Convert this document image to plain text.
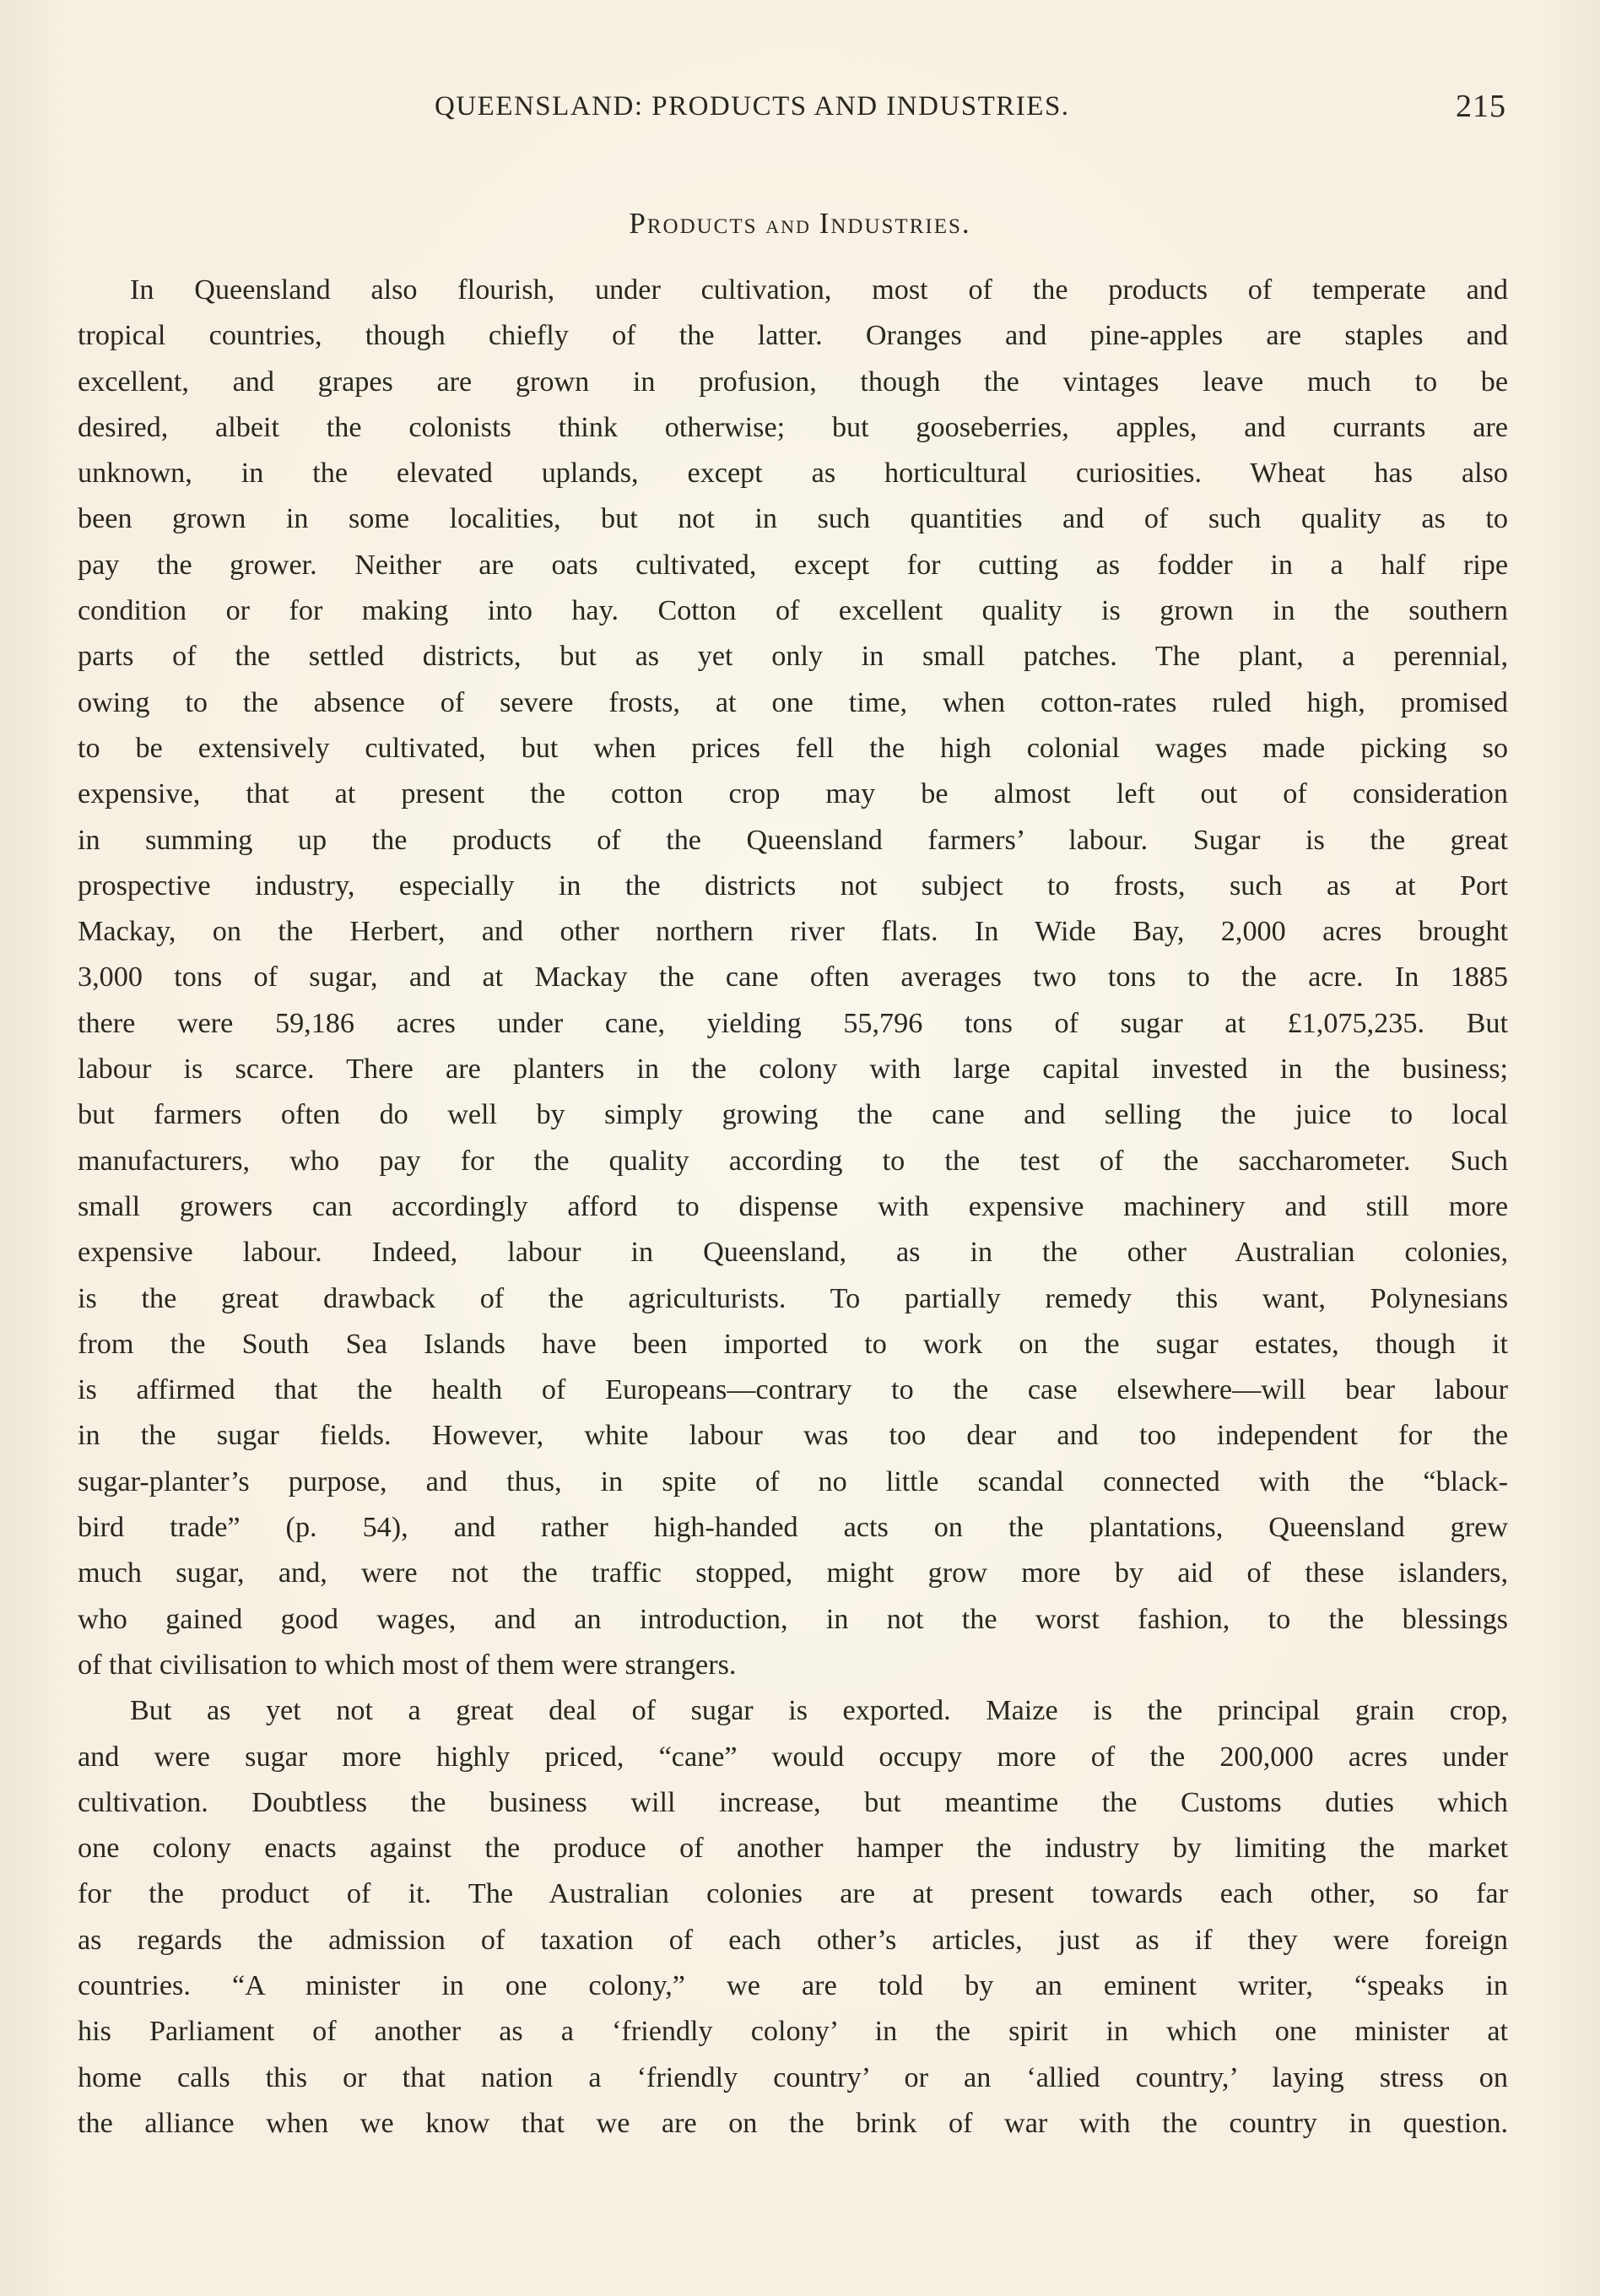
QUEENSLAND: PRODUCTS AND INDUSTRIES.	215
Products and Industries.
In Queensland also flourish, under cultivation, most of the products of temperate and
tropical countries, though chiefly of the latter. Oranges and pine-apples are staples and
excellent, and grapes are grown in profusion, though the vintages leave much to be
desired, albeit the colonists think otherwise; but gooseberries, apples, and currants are
unknown, in the elevated uplands, except as horticultural curiosities. Wheat has also
been grown in some localities, but not in such quantities and of such quality as to
pay the grower. Neither are oats cultivated, except for cutting as fodder in a half ripe
condition or for making into hay. Cotton of excellent quality is grown in the southern
parts of the settled districts, but as yet only in small patches. The plant, a perennial,
owing to the absence of severe frosts, at one time, when cotton-rates ruled high, promised
to be extensively cultivated, but when prices fell the high colonial wages made picking so
expensive, that at present the cotton crop may be almost left out of consideration
in summing up the products of the Queensland farmers’ labour. Sugar is the great
prospective industry, especially in the districts not subject to frosts, such as at Port
Mackay, on the Herbert, and other northern river flats. In Wide Bay, 2,000 acres brought
3,000 tons of sugar, and at Mackay the cane often averages two tons to the acre. In 1885
there were 59,186 acres under cane, yielding 55,796 tons of sugar at £1,075,235. But
labour is scarce. There are planters in the colony with large capital invested in the business;
but farmers often do well by simply growing the cane and selling the juice to local
manufacturers, who pay for the quality according to the test of the saccharometer. Such
small growers can accordingly afford to dispense with expensive machinery and still more
expensive labour. Indeed, labour in Queensland, as in the other Australian colonies,
is the great drawback of the agriculturists. To partially remedy this want, Polynesians
from the South Sea Islands have been imported to work on the sugar estates, though it
is affirmed that the health of Europeans—contrary to the case elsewhere—will bear labour
in the sugar fields. However, white labour was too dear and too independent for the
sugar-planter’s purpose, and thus, in spite of no little scandal connected with the “black-
bird trade” (p. 54), and rather high-handed acts on the plantations, Queensland grew
much sugar, and, were not the traffic stopped, might grow more by aid of these islanders,
who gained good wages, and an introduction, in not the worst fashion, to the blessings
of that civilisation to which most of them were strangers.
But as yet not a great deal of sugar is exported. Maize is the principal grain crop,
and were sugar more highly priced, “cane” would occupy more of the 200,000 acres under
cultivation. Doubtless the business will increase, but meantime the Customs duties which
one colony enacts against the produce of another hamper the industry by limiting the market
for the product of it. The Australian colonies are at present towards each other, so far
as regards the admission of taxation of each other’s articles, just as if they were foreign
countries. “A minister in one colony,” we are told by an eminent writer, “speaks in
his Parliament of another as a ‘friendly colony’ in the spirit in which one minister at
home calls this or that nation a ‘friendly country’ or an ‘allied country,’ laying stress on
the alliance when we know that we are on the brink of war with the country in question.
